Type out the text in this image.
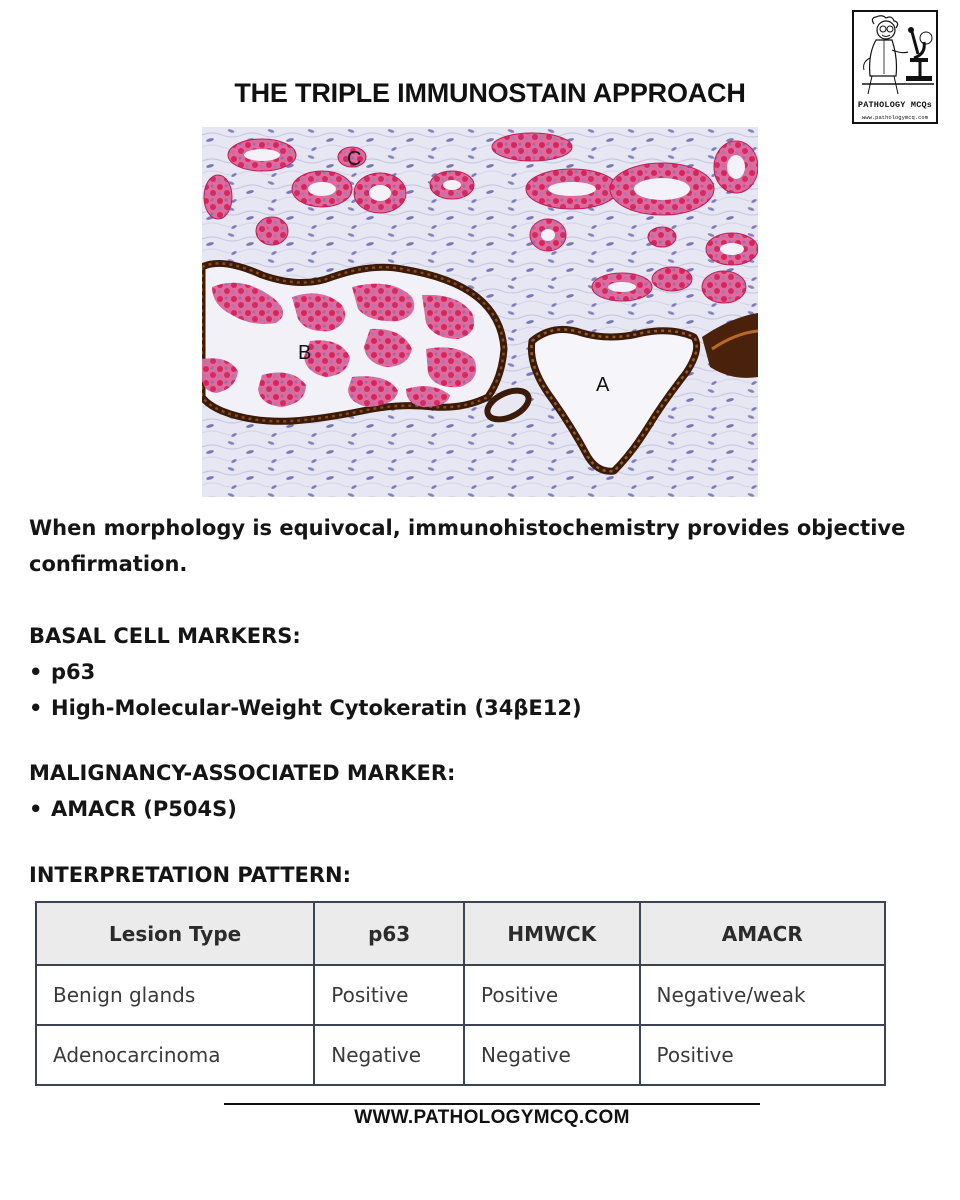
PATHOLOGY MCQs
www.pathologymcq.com
THE TRIPLE IMMUNOSTAIN APPROACH
C
B
A
When morphology is equivocal, immunohistochemistry provides objective confirmation.
BASAL CELL MARKERS:
• p63
• High-Molecular-Weight Cytokeratin (34βE12)
MALIGNANCY-ASSOCIATED MARKER:
• AMACR (P504S)
INTERPRETATION PATTERN:
Lesion Type	p63	HMWCK	AMACR
Benign glands	Positive	Positive	Negative/weak
Adenocarcinoma	Negative	Negative	Positive
WWW.PATHOLOGYMCQ.COM
